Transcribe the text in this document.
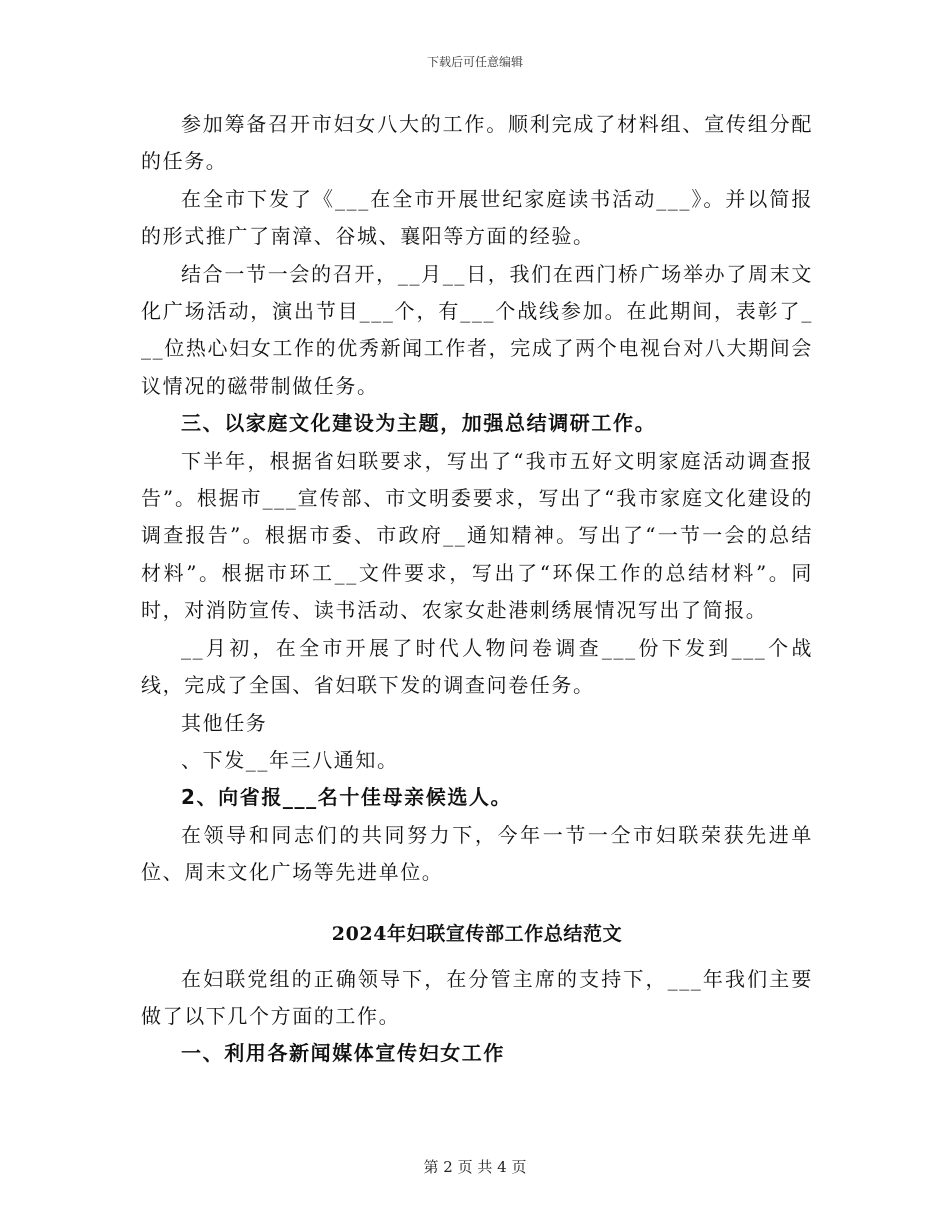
下载后可任意编辑

参加筹备召开市妇女八大的工作。顺利完成了材料组、宣传组分配的任务。

在全市下发了《___在全市开展世纪家庭读书活动___》。并以简报的形式推广了南漳、谷城、襄阳等方面的经验。

结合一节一会的召开，__月__日，我们在西门桥广场举办了周末文化广场活动，演出节目___个，有___个战线参加。在此期间，表彰了___位热心妇女工作的优秀新闻工作者，完成了两个电视台对八大期间会议情况的磁带制做任务。

三、以家庭文化建设为主题，加强总结调研工作。

下半年，根据省妇联要求，写出了“我市五好文明家庭活动调查报告”。根据市___宣传部、市文明委要求，写出了“我市家庭文化建设的调查报告”。根据市委、市政府__通知精神。写出了“一节一会的总结材料”。根据市环工__文件要求，写出了“环保工作的总结材料”。同时，对消防宣传、读书活动、农家女赴港刺绣展情况写出了简报。

__月初，在全市开展了时代人物问卷调查___份下发到___个战线，完成了全国、省妇联下发的调查问卷任务。

其他任务

、下发__年三八通知。

2、向省报___名十佳母亲候选人。

在领导和同志们的共同努力下，今年一节一仝市妇联荣获先进单位、周末文化广场等先进单位。

2024年妇联宣传部工作总结范文

在妇联党组的正确领导下，在分管主席的支持下，___年我们主要做了以下几个方面的工作。

一、利用各新闻媒体宣传妇女工作

第 2 页 共 4 页
